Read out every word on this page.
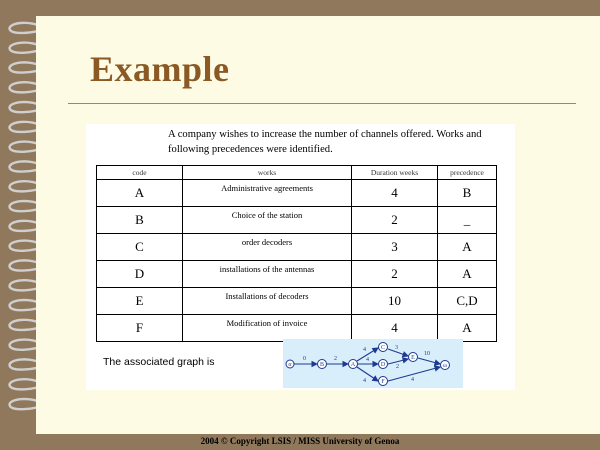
Example
A company wishes to increase the number of channels offered. Works and following precedences were identified.
code	works	Duration weeks	precedence
A	Administrative agreements	4	B
B	Choice of the station	2	_
C	order decoders	3	A
D	installations of the antennas	2	A
E	Installations of decoders	10	C,D
F	Modification of invoice	4	A
The associated graph is	0	2
4
4
4
3
2
4
10
α	B	A
C
D
F
E
ω
2004 © Copyright LSIS / MISS University of Genoa
